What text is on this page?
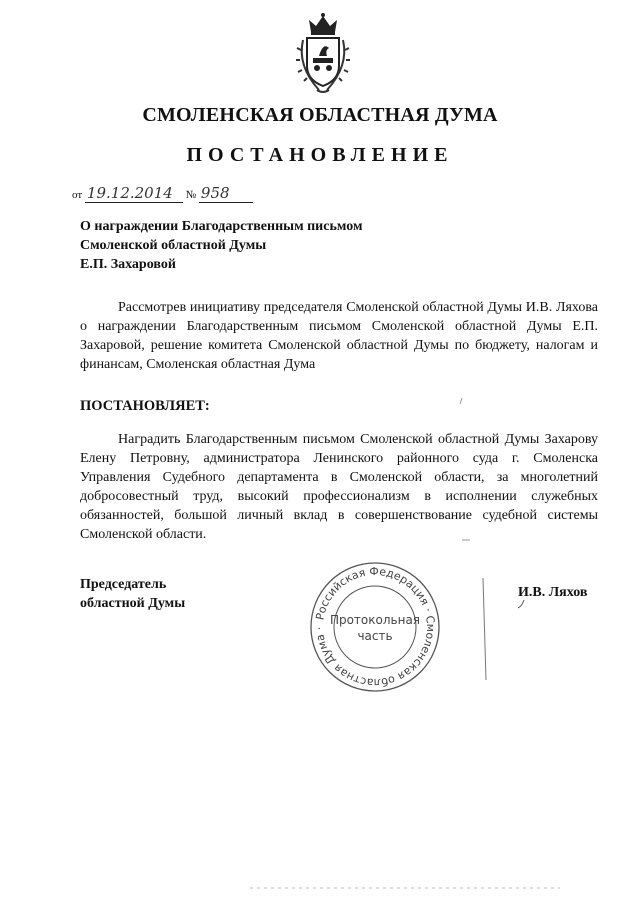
СМОЛЕНСКАЯ ОБЛАСТНАЯ ДУМА
ПОСТАНОВЛЕНИЕ
от 19.12.2014 № 958
О награждении Благодарственным письмом
Смоленской областной Думы
Е.П. Захаровой
Рассмотрев инициативу председателя Смоленской областной Думы И.В. Ляхова о награждении Благодарственным письмом Смоленской областной Думы Е.П. Захаровой, решение комитета Смоленской областной Думы по бюджету, налогам и финансам, Смоленская областная Дума
ПОСТАНОВЛЯЕТ:
Наградить Благодарственным письмом Смоленской областной Думы Захарову Елену Петровну, администратора Ленинского районного суда г. Смоленска Управления Судебного департамента в Смоленской области, за многолетний добросовестный труд, высокий профессионализм в исполнении служебных обязанностей, большой личный вклад в совершенствование судебной системы Смоленской области.
Председатель
областной Думы
Российская Федерация · Смоленская областная Дума ·
Протокольная
часть
И.В. Ляхов
